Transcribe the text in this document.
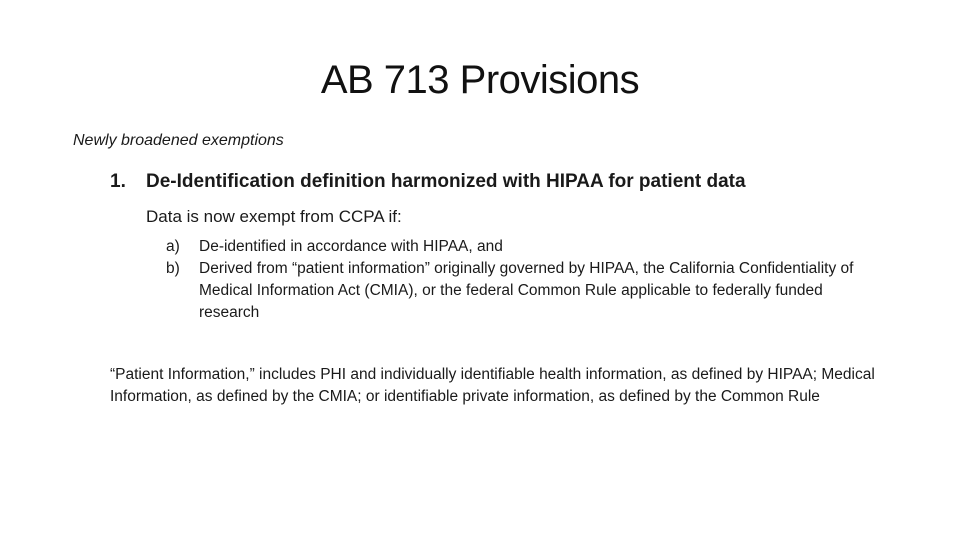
AB 713 Provisions
Newly broadened exemptions
1. De-Identification definition harmonized with HIPAA for patient data
Data is now exempt from CCPA if:
a)	De-identified in accordance with HIPAA, and
b)	Derived from “patient information” originally governed by HIPAA, the California Confidentiality of Medical Information Act (CMIA), or the federal Common Rule applicable to federally funded research
“Patient Information,” includes PHI and individually identifiable health information, as defined by HIPAA; Medical Information, as defined by the CMIA; or identifiable private information, as defined by the Common Rule
